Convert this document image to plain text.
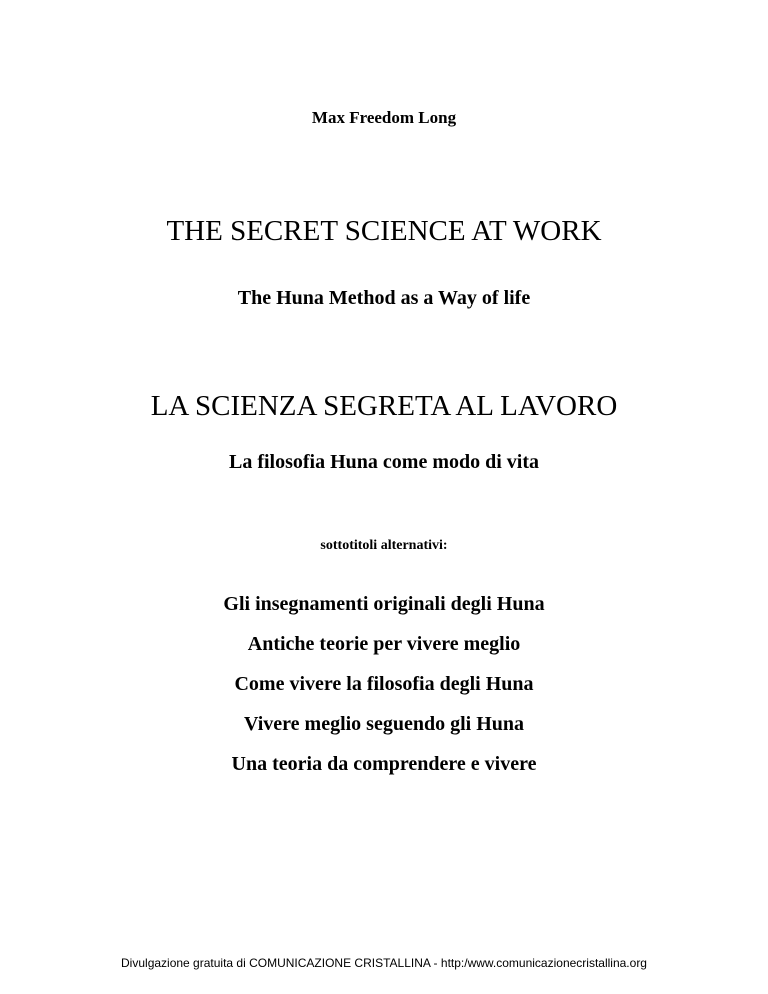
Max Freedom Long
THE SECRET SCIENCE AT WORK
The Huna Method as a Way of life
LA SCIENZA SEGRETA AL LAVORO
La filosofia Huna come modo di vita
sottotitoli alternativi:
Gli insegnamenti originali degli Huna
Antiche teorie per vivere meglio
Come vivere la filosofia degli Huna
Vivere meglio seguendo gli Huna
Una teoria da comprendere e vivere
Divulgazione gratuita di COMUNICAZIONE CRISTALLINA - http:/www.comunicazionecristallina.org
